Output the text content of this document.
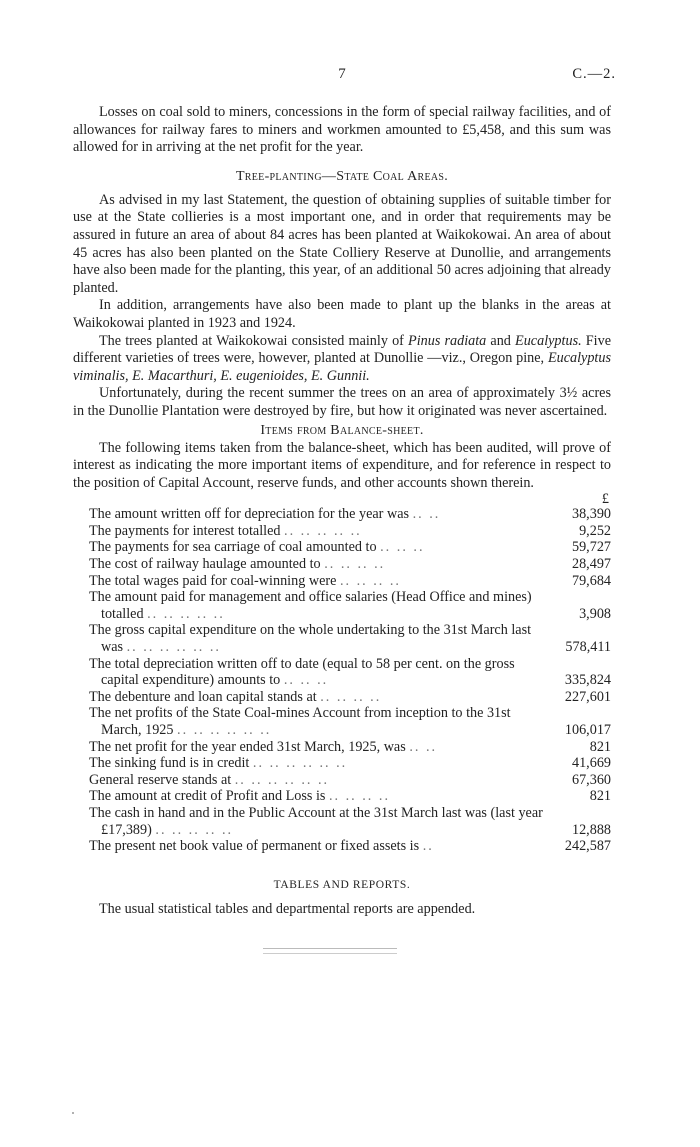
7	C.—2.

Losses on coal sold to miners, concessions in the form of special railway facilities, and of allowances for railway fares to miners and workmen amounted to £5,458, and this sum was allowed for in arriving at the net profit for the year.

Tree-planting—State Coal Areas.

As advised in my last Statement, the question of obtaining supplies of suitable timber for use at the State collieries is a most important one, and in order that requirements may be assured in future an area of about 84 acres has been planted at Waikokowai. An area of about 45 acres has also been planted on the State Colliery Reserve at Dunollie, and arrangements have also been made for the planting, this year, of an additional 50 acres adjoining that already planted.

In addition, arrangements have also been made to plant up the blanks in the areas at Waikokowai planted in 1923 and 1924.

The trees planted at Waikokowai consisted mainly of Pinus radiata and Eucalyptus. Five different varieties of trees were, however, planted at Dunollie —viz., Oregon pine, Eucalyptus viminalis, E. Macarthuri, E. eugenioides, E. Gunnii.

Unfortunately, during the recent summer the trees on an area of approximately 3½ acres in the Dunollie Plantation were destroyed by fire, but how it originated was never ascertained.

Items from Balance-sheet.

The following items taken from the balance-sheet, which has been audited, will prove of interest as indicating the more important items of expenditure, and for reference in respect to the position of Capital Account, reserve funds, and other accounts shown therein.

£
The amount written off for depreciation for the year was .. ..	38,390
The payments for interest totalled .. .. .. .. ..	9,252
The payments for sea carriage of coal amounted to .. .. ..	59,727
The cost of railway haulage amounted to .. .. .. ..	28,497
The total wages paid for coal-winning were .. .. .. ..	79,684
The amount paid for management and office salaries (Head Office and mines) totalled .. .. .. .. ..	3,908
The gross capital expenditure on the whole undertaking to the 31st March last was .. .. .. .. .. ..	578,411
The total depreciation written off to date (equal to 58 per cent. on the gross capital expenditure) amounts to .. .. ..	335,824
The debenture and loan capital stands at .. .. .. ..	227,601
The net profits of the State Coal-mines Account from inception to the 31st March, 1925 .. .. .. .. .. ..	106,017
The net profit for the year ended 31st March, 1925, was .. ..	821
The sinking fund is in credit .. .. .. .. .. ..	41,669
General reserve stands at .. .. .. .. .. ..	67,360
The amount at credit of Profit and Loss is .. .. .. ..	821
The cash in hand and in the Public Account at the 31st March last was (last year £17,389) .. .. .. .. ..	12,888
The present net book value of permanent or fixed assets is ..	242,587
TABLES AND REPORTS.

The usual statistical tables and departmental reports are appended.
